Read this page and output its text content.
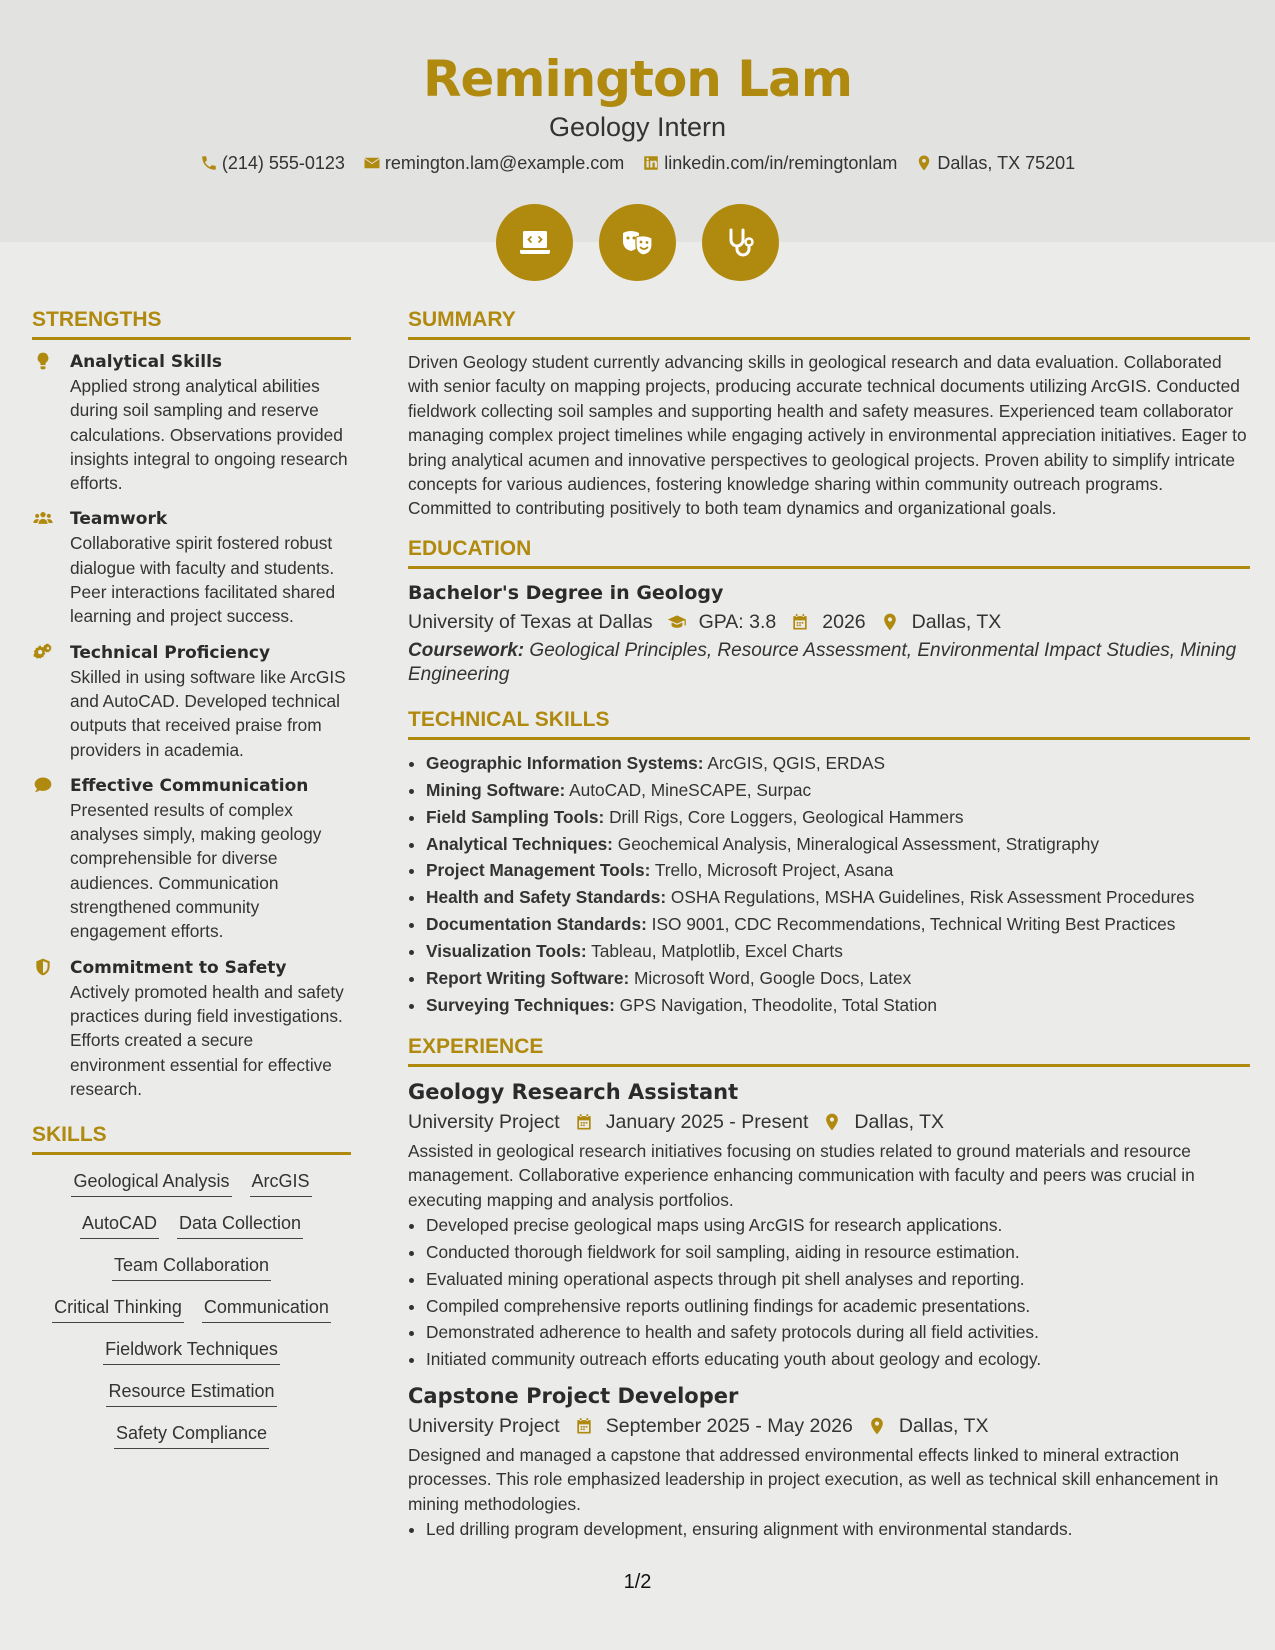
Remington Lam
Geology Intern
(214) 555-0123 remington.lam@example.com linkedin.com/in/remingtonlam Dallas, TX 75201
STRENGTHS
Analytical Skills
Applied strong analytical abilities during soil sampling and reserve calculations. Observations provided insights integral to ongoing research efforts.
Teamwork
Collaborative spirit fostered robust dialogue with faculty and students. Peer interactions facilitated shared learning and project success.
Technical Proficiency
Skilled in using software like ArcGIS and AutoCAD. Developed technical outputs that received praise from providers in academia.
Effective Communication
Presented results of complex analyses simply, making geology comprehensible for diverse audiences. Communication strengthened community engagement efforts.
Commitment to Safety
Actively promoted health and safety practices during field investigations. Efforts created a secure environment essential for effective research.
SKILLS
Geological Analysis ArcGIS
AutoCAD Data Collection
Team Collaboration
Critical Thinking Communication
Fieldwork Techniques
Resource Estimation
Safety Compliance
SUMMARY

Driven Geology student currently advancing skills in geological research and data evaluation. Collaborated with senior faculty on mapping projects, producing accurate technical documents utilizing ArcGIS. Conducted fieldwork collecting soil samples and supporting health and safety measures. Experienced team collaborator managing complex project timelines while engaging actively in environmental appreciation initiatives. Eager to bring analytical acumen and innovative perspectives to geological projects. Proven ability to simplify intricate concepts for various audiences, fostering knowledge sharing within community outreach programs. Committed to contributing positively to both team dynamics and organizational goals.

EDUCATION
Bachelor's Degree in Geology
University of Texas at Dallas GPA: 3.8 2026 Dallas, TX
Coursework: Geological Principles, Resource Assessment, Environmental Impact Studies, Mining Engineering
TECHNICAL SKILLS
• Geographic Information Systems: ArcGIS, QGIS, ERDAS
• Mining Software: AutoCAD, MineSCAPE, Surpac
• Field Sampling Tools: Drill Rigs, Core Loggers, Geological Hammers
• Analytical Techniques: Geochemical Analysis, Mineralogical Assessment, Stratigraphy
• Project Management Tools: Trello, Microsoft Project, Asana
• Health and Safety Standards: OSHA Regulations, MSHA Guidelines, Risk Assessment Procedures
• Documentation Standards: ISO 9001, CDC Recommendations, Technical Writing Best Practices
• Visualization Tools: Tableau, Matplotlib, Excel Charts
• Report Writing Software: Microsoft Word, Google Docs, Latex
• Surveying Techniques: GPS Navigation, Theodolite, Total Station
EXPERIENCE
Geology Research Assistant
University Project January 2025 - Present Dallas, TX

Assisted in geological research initiatives focusing on studies related to ground materials and resource management. Collaborative experience enhancing communication with faculty and peers was crucial in executing mapping and analysis portfolios.

• Developed precise geological maps using ArcGIS for research applications.
• Conducted thorough fieldwork for soil sampling, aiding in resource estimation.
• Evaluated mining operational aspects through pit shell analyses and reporting.
• Compiled comprehensive reports outlining findings for academic presentations.
• Demonstrated adherence to health and safety protocols during all field activities.
• Initiated community outreach efforts educating youth about geology and ecology.
Capstone Project Developer
University Project September 2025 - May 2026 Dallas, TX

Designed and managed a capstone that addressed environmental effects linked to mineral extraction processes. This role emphasized leadership in project execution, as well as technical skill enhancement in mining methodologies.

• Led drilling program development, ensuring alignment with environmental standards.
1/2
